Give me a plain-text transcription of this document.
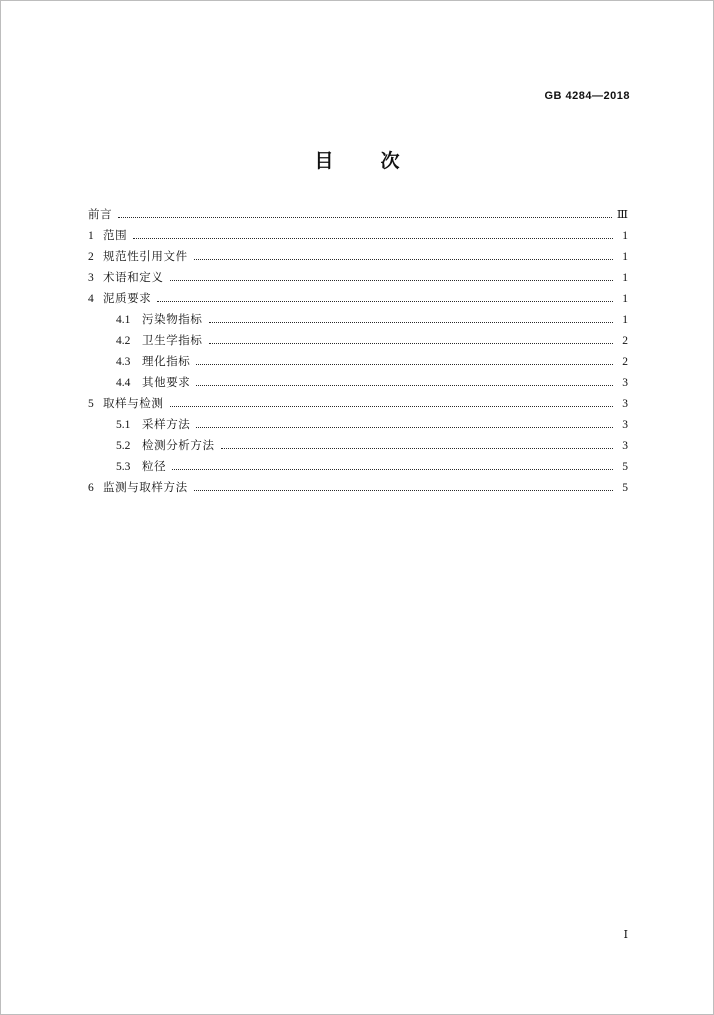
GB 4284—2018
目　次
前言	Ⅲ
1 范围	1
2 规范性引用文件	1
3 术语和定义	1
4 泥质要求	1
4.1	污染物指标	1
4.2	卫生学指标	2
4.3	理化指标	2
4.4	其他要求	3
5 取样与检测	3
5.1	采样方法	3
5.2	检测分析方法	3
5.3	粒径	5
6 监测与取样方法	5
Ⅰ
